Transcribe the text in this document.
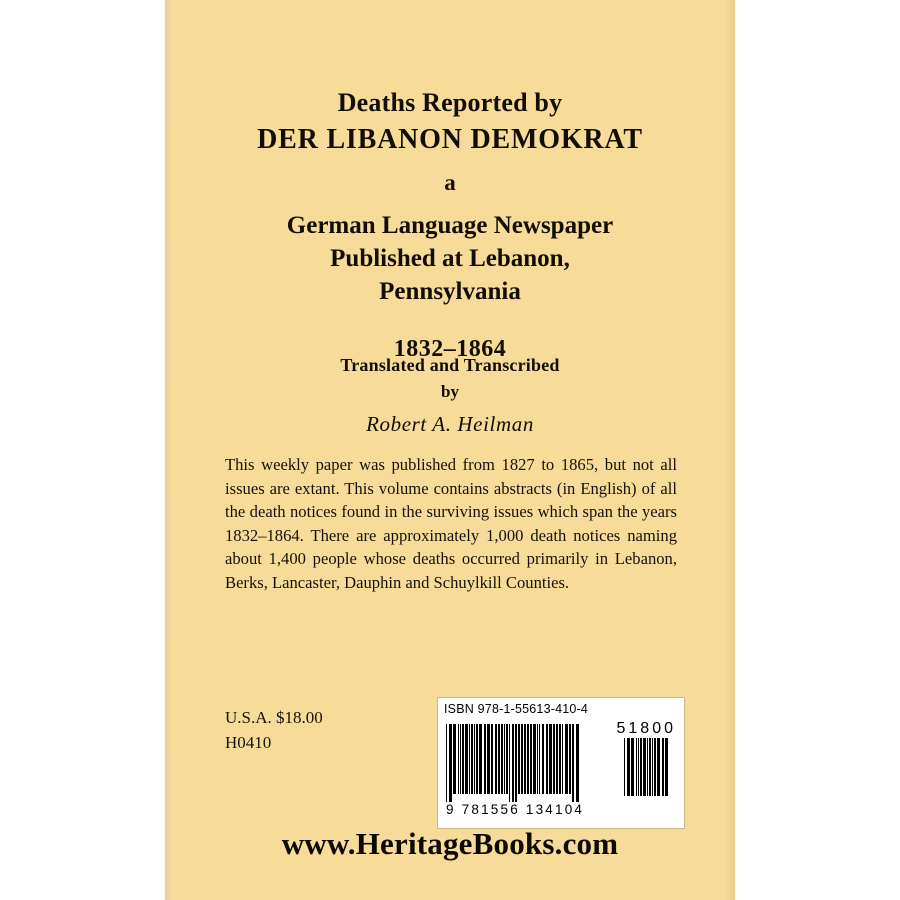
Deaths Reported by
DER LIBANON DEMOKRAT
a
German Language Newspaper
Published at Lebanon,
Pennsylvania
1832–1864
Translated and Transcribed
by
Robert A. Heilman
This weekly paper was published from 1827 to 1865, but not all issues are extant. This volume contains abstracts (in English) of all the death notices found in the surviving issues which span the years 1832–1864. There are approximately 1,000 death notices naming about 1,400 people whose deaths occurred primarily in Lebanon, Berks, Lancaster, Dauphin and Schuylkill Counties.
U.S.A. $18.00
H0410
ISBN 978-1-55613-410-4
51800
9 781556 134104
www.HeritageBooks.com
